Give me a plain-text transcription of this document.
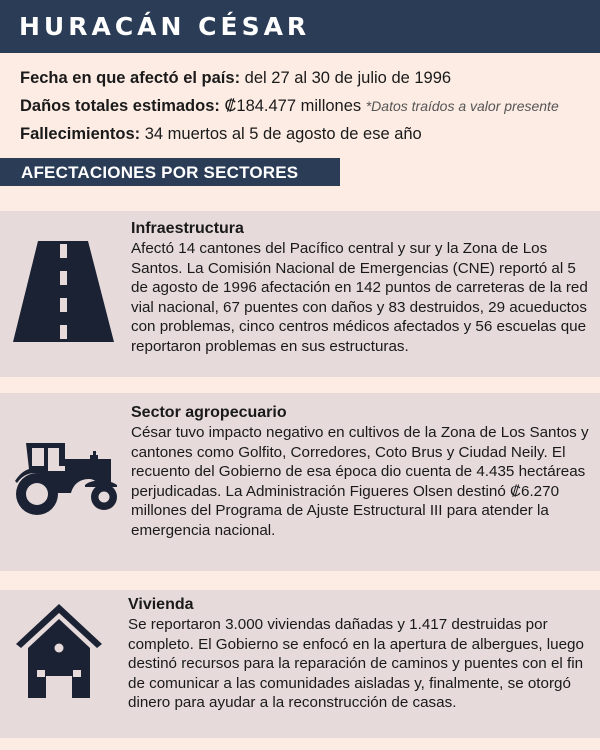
HURACÁN CÉSAR
Fecha en que afectó el país: del 27 al 30 de julio de 1996
Daños totales estimados: ₡184.477 millones *Datos traídos a valor presente
Fallecimientos: 34 muertos al 5 de agosto de ese año
AFECTACIONES POR SECTORES
Infraestructura

Afectó 14 cantones del Pacífico central y sur y la Zona de Los Santos. La Comisión Nacional de Emergencias (CNE) reportó al 5 de agosto de 1996 afectación en 142 puntos de carreteras de la red vial nacional, 67 puentes con daños y 83 destruidos, 29 acueductos con problemas, cinco centros médicos afectados y 56 escuelas que reportaron problemas en sus estructuras.

Sector agropecuario

César tuvo impacto negativo en cultivos de la Zona de Los Santos y cantones como Golfito, Corredores, Coto Brus y Ciudad Neily. El recuento del Gobierno de esa época dio cuenta de 4.435 hectáreas perjudicadas. La Administración Figueres Olsen destinó ₡6.270 millones del Programa de Ajuste Estructural III para atender la emergencia nacional.

Vivienda

Se reportaron 3.000 viviendas dañadas y 1.417 destruidas por completo. El Gobierno se enfocó en la apertura de albergues, luego destinó recursos para la reparación de caminos y puentes con el fin de comunicar a las comunidades aisladas y, finalmente, se otorgó dinero para ayudar a la reconstrucción de casas.
